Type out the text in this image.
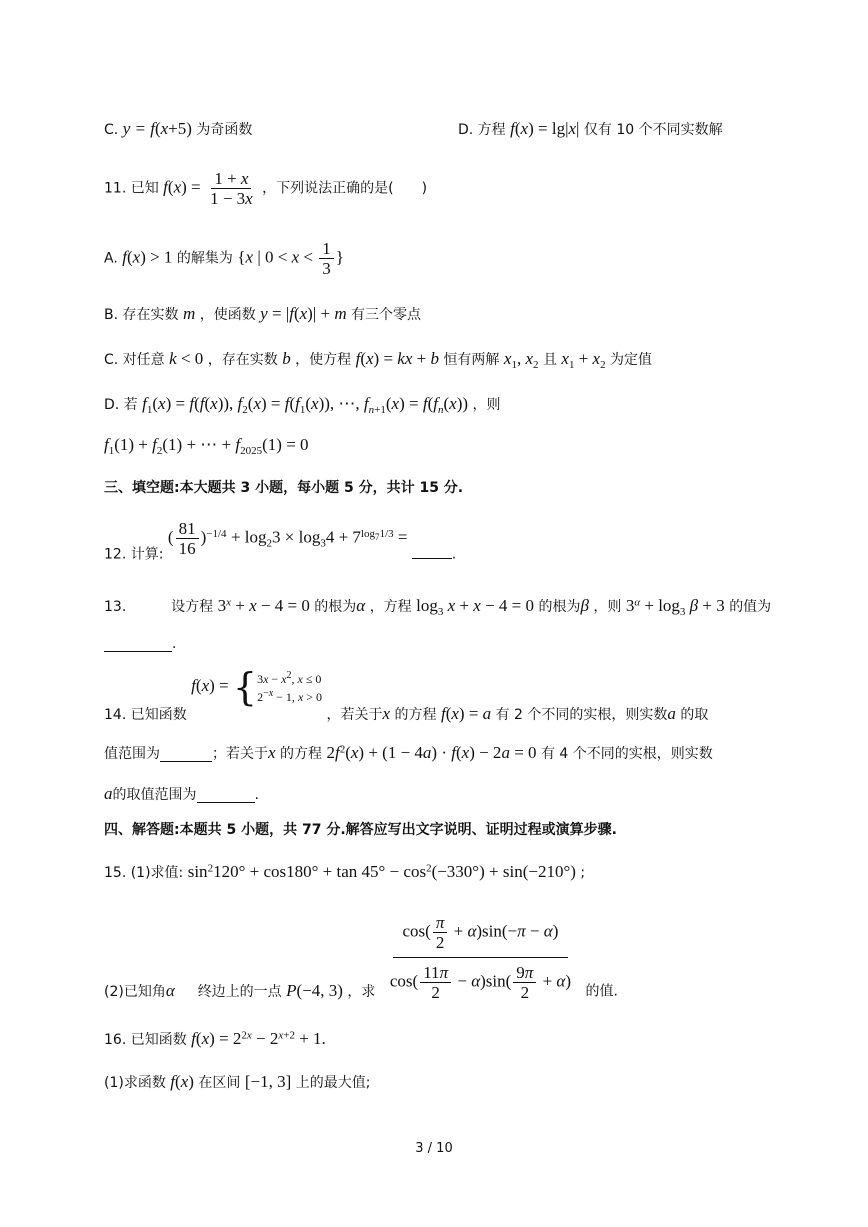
C. y = f(x+5) 为奇函数	D. 方程 f(x) = lg|x| 仅有 10 个不同实数解
11. 已知 $f(x) = \frac{1 + x}{1 - 3x}$ ，下列说法正确的是(　　)
A. f(x) > 1 的解集为 {x | $0 < x < \frac{1}{3}$ }
B. 存在实数 m ，使函数 y = |f(x)| + m 有三个零点
C. 对任意 k < 0 ，存在实数 b ，使方程 f(x) = kx + b 恒有两解 $x_1$, $x_2$ 且 $x_1 + x_2$ 为定值
D. 若 $f_1(x) = f(f(x))$, $f_2(x) = f(f_1(x))$, ⋯, $f_{n+1}(x) = f(f_n(x))$ ，则
$f_1(1) + f_2(1)$ + ⋯ + $f_{2025}(1) = 0$
三、填空题:本大题共 3 小题，每小题 5 分，共计 15 分.
12. 计算: ( $\frac{81}{16} )^{-1/4} + \log_23 \times \log_34 + 7^{log_71/3}$ = .
13.	设方程 $3^x + x - 4 = 0$ 的根为α ，方程 $\log_3 x + x - 4 = 0$ 的根为β ，则 $3^\alpha + \log_3 \beta + 3$ 的值为
.
14. 已知函数 f(x) = { $3x - x^2$, x ≤ 0
$2^{-x} - 1$, x > 0
，若关于x 的方程 f(x) = a 有 2 个不同的实根，则实数a 的取
值范围为	；若关于x 的方程 $2f^2(x) + (1 - 4a) \cdot f(x) - 2a = 0$ 有 4 个不同的实根，则实数
a的取值范围为	.
四、解答题:本题共 5 小题，共 77 分.解答应写出文字说明、证明过程或演算步骤.
15. (1)求值: $\sin^2120^\circ + \cos 180^\circ + \tan 45^\circ - \cos^2(-330^\circ) + \sin(-210^\circ)$ ;
(2)已知角α 终边上的一点 P(−4, 3) ，求 $\frac{\cos( \frac{\pi}{2} + \alpha)\sin(-\pi - \alpha)}{\cos( \frac{11\pi}{2} - \alpha)\sin( \frac{9\pi}{2} + \alpha)}$ 的值.
16. 已知函数 $f(x) = 2^{2x} - 2^{x+2} + 1$.
(1)求函数 f(x) 在区间 [−1, 3] 上的最大值;
3 / 10
